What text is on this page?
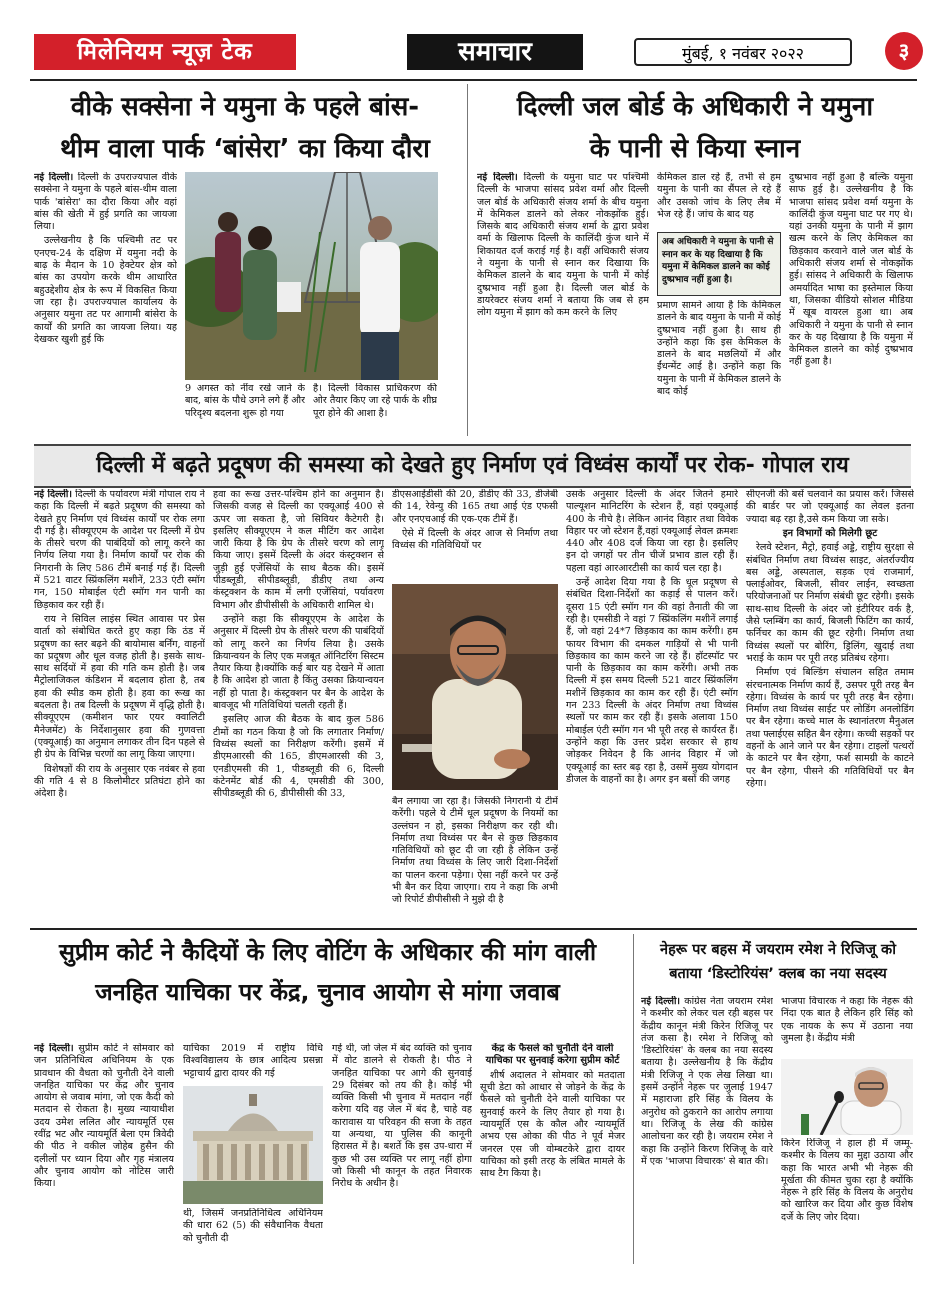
मिलेनियम न्यूज़ टेक	समाचार	मुंबई, १ नवंबर २०२२	३
वीके सक्सेना ने यमुना के पहले बांस-
थीम वाला पार्क ‘बांसेरा’ का किया दौरा

नई दिल्ली। दिल्ली के उपराज्यपाल वीके सक्सेना ने यमुना के पहले बांस-थीम वाला पार्क 'बांसेरा' का दौरा किया और वहां बांस की खेती में हुई प्रगति का जायजा लिया।

उल्लेखनीय है कि पश्चिमी तट पर एनएच-24 के दक्षिण में यमुना नदी के बाढ़ के मैदान के 10 हेक्टेयर क्षेत्र को बांस का उपयोग करके थीम आधारित बहुउद्देशीय क्षेत्र के रूप में विकसित किया जा रहा है। उपराज्यपाल कार्यालय के अनुसार यमुना तट पर आगामी बांसेरा के कार्यों की प्रगति का जायजा लिया। यह देखकर खुशी हुई कि

9 अगस्त को नींव रखे जाने के बाद, बांस के पौधे उगने लगे हैं और परिदृश्य बदलना शुरू हो गया
है। दिल्ली विकास प्राधिकरण की ओर तैयार किए जा रहे पार्क के शीघ्र पूरा होने की आशा है।
दिल्ली जल बोर्ड के अधिकारी ने यमुना
के पानी से किया स्नान

नई दिल्ली। दिल्ली के यमुना घाट पर पश्चिमी दिल्ली के भाजपा सांसद प्रवेश वर्मा और दिल्ली जल बोर्ड के अधिकारी संजय शर्मा के बीच यमुना में केमिकल डालने को लेकर नोकझोंक हुई। जिसके बाद अधिकारी संजय शर्मा के द्वारा प्रवेश वर्मा के खिलाफ दिल्ली के कालिंदी कुंज थाने में शिकायत दर्ज कराई गई है। वहीं अधिकारी संजय ने यमुना के पानी से स्नान कर दिखाया कि केमिकल डालने के बाद यमुना के पानी में कोई दुष्प्रभाव नहीं हुआ है। दिल्ली जल बोर्ड के डायरेक्टर संजय शर्मा ने बताया कि जब से हम लोग यमुना में झाग को कम करने के लिए

केमिकल डाल रहे हैं, तभी से हम यमुना के पानी का सैंपल ले रहे हैं और उसको जांच के लिए लैब में भेज रहे हैं। जांच के बाद यह

अब अधिकारी ने यमुना के पानी से स्नान कर के यह दिखाया है कि यमुना में केमिकल डालने का कोई दुष्प्रभाव नहीं हुआ है।

प्रमाण सामने आया है कि केमिकल डालने के बाद यमुना के पानी में कोई दुष्प्रभाव नहीं हुआ है। साथ ही उन्होंने कहा कि इस केमिकल के डालने के बाद मछलियों में और ईंधन्मेंट आई है। उन्होंने कहा कि यमुना के पानी में केमिकल डालने के बाद कोई

दुष्प्रभाव नहीं हुआ है बल्कि यमुना साफ हुई है। उल्लेखनीय है कि भाजपा सांसद प्रवेश वर्मा यमुना के कालिंदी कुंज यमुना घाट पर गए थे। यहां उनकी यमुना के पानी में झाग खत्म करने के लिए केमिकल का छिड़काव करवाने वाले जल बोर्ड के अधिकारी संजय शर्मा से नोकझोंक हुई। सांसद ने अधिकारी के खिलाफ अमर्यादित भाषा का इस्तेमाल किया था, जिसका वीडियो सोशल मीडिया में खूब वायरल हुआ था। अब अधिकारी ने यमुना के पानी से स्नान कर के यह दिखाया है कि यमुना में केमिकल डालने का कोई दुष्प्रभाव नहीं हुआ है।

दिल्ली में बढ़ते प्रदूषण की समस्या को देखते हुए निर्माण एवं विध्वंस कार्यों पर रोक- गोपाल राय

नई दिल्ली। दिल्ली के पर्यावरण मंत्री गोपाल राय ने कहा कि दिल्ली में बढ़ते प्रदूषण की समस्या को देखते हुए निर्माण एवं विध्वंस कार्यों पर रोक लगा दी गई है। सीक्यूएएम के आदेश पर दिल्ली में ग्रेप के तीसरे चरण की पाबंदियों को लागू करने का निर्णय लिया गया है। निर्माण कार्यों पर रोक की निगरानी के लिए 586 टीमें बनाई गई हैं। दिल्ली में 521 वाटर स्प्रिंकलिंग मशीनें, 233 एंटी स्मॉग गन, 150 मोबाईल एंटी स्मॉग गन पानी का छिड़काव कर रही हैं।

राय ने सिविल लाइंस स्थित आवास पर प्रेस वार्ता को संबोधित करते हुए कहा कि ठंड में प्रदूषण का स्तर बढ़ने की बायोमास बर्निंग, वाहनों का प्रदूषण और धूल वजह होती है। इसके साथ- साथ सर्दियों में हवा की गति कम होती है। जब मैट्रोलाजिकल कंडिशन में बदलाव होता है, तब हवा की स्पीड कम होती है। हवा का रूख का बदलता है। तब दिल्ली के प्रदूषण में वृद्धि होती है। सीक्यूएएम (कमीशन फार एयर क्वालिटी मैनेजमेंट) के निर्देशानुसार हवा की गुणवत्ता (एक्यूआई) का अनुमान लगाकर तीन दिन पहले से ही ग्रेप के विभिन्न चरणों का लागू किया जाएगा।

विशेषज्ञों की राय के अनुसार एक नवंबर से हवा की गति 4 से 8 किलोमीटर प्रतिघंटा होने का अंदेशा है।

हवा का रूख उत्तर-पश्चिम होने का अनुमान है। जिसकी वजह से दिल्ली का एक्यूआई 400 से ऊपर जा सकता है, जो सिवियर कैटेगरी है। इसलिए सीक्यूएएम ने कल मीटिंग कर आदेश जारी किया है कि ग्रेप के तीसरे चरण को लागू किया जाए। इसमें दिल्ली के अंदर कंस्ट्रक्शन से जुड़ी हुई एजेंसियों के साथ बैठक की। इसमें पीडब्लूडी, सीपीडब्लूडी, डीडीए तथा अन्य कंस्ट्रक्शन के काम में लगी एजेंसियां, पर्यावरण विभाग और डीपीसीसी के अधिकारी शामिल थे।

उन्होंने कहा कि सीक्यूएएम के आदेश के अनुसार में दिल्ली ग्रेप के तीसरे चरण की पाबंदियों को लागू करने का निर्णय लिया है। उसके क्रियान्वयन के लिए एक मजबूत ऑनिटरिंग सिस्टम तैयार किया है।क्योंकि कई बार यह देखने में आता है कि आदेश हो जाता है किंतु उसका क्रियान्वयन नहीं हो पाता है। कंस्ट्रक्शन पर बैन के आदेश के बावजूद भी गतिविधियां चलती रहती हैं।

इसलिए आज की बैठक के बाद कुल 586 टीमों का गठन किया है जो कि लगातार निर्माण/विध्वंस स्थलों का निरीक्षण करेंगी। इसमें में डीएमआरसी की 165, डीएमआरसी की 3, एनडीएमसी की 1, पीडब्लूडी की 6, दिल्ली कंटेनमेंट बोर्ड की 4, एमसीडी की 300, सीपीडब्लूडी की 6, डीपीसीसी की 33,

डीएसआईडीसी की 20, डीडीए की 33, डीजेबी की 14, रेवेन्यु की 165 तथा आई एंड एफसी और एनएचआई की एक-एक टीमें हैं।

ऐसे में दिल्ली के अंदर आज से निर्माण तथा विध्वंस की गतिविधियों पर

बैन लगाया जा रहा है। जिसकी निगरानी ये टीमें करेंगी। पहले ये टीमें धूल प्रदूषण के नियमों का उल्लंघन न हो, इसका निरीक्षण कर रही थी। निर्माण तथा विध्वंस पर बैन से कुछ छिड़काव गतिविधियों को छूट दी जा रही है लेकिन उन्हें निर्माण तथा विध्वंस के लिए जारी दिशा-निर्देशों का पालन करना पड़ेगा। ऐसा नहीं करने पर उन्हें भी बैन कर दिया जाएगा। राय ने कहा कि अभी जो रिपोर्ट डीपीसीसी ने मुझे दी है

उसके अनुसार दिल्ली के अंदर जितने हमारे पाल्यूशन मानिटरिंग के स्टेशन हैं, वहां एक्यूआई 400 के नीचे है। लेकिन आनंद विहार तथा विवेक विहार पर जो स्टेशन हैं,वहां एक्यूआई लेवल क्रमशः 440 और 408 दर्ज किया जा रहा है। इसलिए इन दो जगहों पर तीन चीजें प्रभाव डाल रही हैं। पहला वहां आरआरटीसी का कार्य चल रहा है।

उन्हें आदेश दिया गया है कि धूल प्रदूषण से संबंधित दिशा-निर्देशों का कड़ाई से पालन करें। दूसरा 15 एंटी स्मॉग गन की वहां तैनाती की जा रही है। एमसीडी ने वहां 7 स्प्रिंकलिंग मशीनें लगाई हैं, जो वहां 24*7 छिड़काव का काम करेंगी। हम फायर विभाग की दमकल गाड़ियों से भी पानी छिड़काव का काम करने जा रहे हैं। हॉटस्पॉट पर पानी के छिड़काव का काम करेंगी। अभी तक दिल्ली में इस समय दिल्ली 521 वाटर स्प्रिंकलिंग मशीनें छिड़काव का काम कर रही हैं। एंटी स्मॉग गन 233 दिल्ली के अंदर निर्माण तथा विध्वंस स्थलों पर काम कर रही हैं। इसके अलावा 150 मोबाईल एंटी स्मॉग गन भी पूरी तरह से कार्यरत हैं। उन्होंने कहा कि उत्तर प्रदेश सरकार से हाथ जोड़कर निवेदन है कि आनंद विहार में जो एक्यूआई का स्तर बढ़ रहा है, उसमें मुख्य योगदान डीजल के वाहनों का है। अगर इन बसों की जगह

सीएनजी की बसें चलवाने का प्रयास करें। जिससे की बार्डर पर जो एक्यूआई का लेवल इतना ज्यादा बढ़ रहा है,उसे कम किया जा सके।

इन विभागों को मिलेगी छूट

रेलवे स्टेशन, मैट्रो, हवाई अड्डे, राष्ट्रीय सुरक्षा से संबंधित निर्माण तथा विध्वंस साइट, अंतर्राज्यीय बस अड्डे, अस्पताल, सड़क एवं राजमार्ग, फ्लाईओवर, बिजली, सीवर लाईन, स्वच्छता परियोजनाओं पर निर्माण संबंधी छूट रहेगी। इसके साथ-साथ दिल्ली के अंदर जो इंटीरियर वर्क है, जैसे प्लम्बिंग का कार्य, बिजली फिटिंग का कार्य, फर्निचर का काम की छूट रहेगी। निर्माण तथा विध्वंस स्थलों पर बोरिंग, ड्रिलिंग, खुदाई तथा भराई के काम पर पूरी तरह प्रतिबंध रहेगा।

निर्माण एवं बिल्डिंग संचालन सहित तमाम संरचनात्मक निर्माण कार्य हैं, उसपर पूरी तरह बैन रहेगा। विध्वंस के कार्य पर पूरी तरह बैन रहेगा। निर्माण तथा विध्वंस साईट पर लोडिंग अनलोडिंग पर बैन रहेगा। कच्चे माल के स्थानांतरण मैनुअल तथा फ्लाईएस सहित बैन रहेगा। कच्ची सड़कों पर वहनों के आने जाने पर बैन रहेगा। टाइलों पत्थरों के काटने पर बैन रहेगा, फर्श सामग्री के काटने पर बैन रहेगा, पीसने की गतिविधियों पर बैन रहेगा।

सुप्रीम कोर्ट ने कैदियों के लिए वोटिंग के अधिकार की मांग वाली
जनहित याचिका पर केंद्र, चुनाव आयोग से मांगा जवाब

नई दिल्ली। सुप्रीम कोर्ट ने सोमवार को जन प्रतिनिधित्व अधिनियम के एक प्रावधान की वैधता को चुनौती देने वाली जनहित याचिका पर केंद्र और चुनाव आयोग से जवाब मांगा, जो एक कैदी को मतदान से रोकता है। मुख्य न्यायाधीश उदय उमेश ललित और न्यायमूर्ति एस रवींद्र भट और न्यायमूर्ति बेला एम त्रिवेदी की पीठ ने वकील जोहेब हुसैन की दलीलों पर ध्यान दिया और गृह मंत्रालय और चुनाव आयोग को नोटिस जारी किया।

याचिका 2019 में राष्ट्रीय विधि विश्वविद्यालय के छात्र आदित्य प्रसन्ना भट्टाचार्य द्वारा दायर की गई

थी, जिसमें जनप्रतिनिधित्व अधिनियम की धारा 62 (5) की संवैधानिक वैधता को चुनौती दी

गई थी, जो जेल में बंद व्यक्ति को चुनाव में वोट डालने से रोकती है। पीठ ने जनहित याचिका पर आगे की सुनवाई 29 दिसंबर को तय की है। कोई भी व्यक्ति किसी भी चुनाव में मतदान नहीं करेगा यदि वह जेल में बंद है, चाहे वह कारावास या परिवहन की सजा के तहत या अन्यथा, या पुलिस की कानूनी हिरासत में है। बशर्ते कि इस उप-धारा में कुछ भी उस व्यक्ति पर लागू नहीं होगा जो किसी भी कानून के तहत निवारक निरोध के अधीन है।

केंद्र के फैसले को चुनौती देने वाली याचिका पर सुनवाई करेगा सुप्रीम कोर्ट

शीर्ष अदालत ने सोमवार को मतदाता सूची डेटा को आधार से जोड़ने के केंद्र के फैसले को चुनौती देने वाली याचिका पर सुनवाई करने के लिए तैयार हो गया है। न्यायमूर्ति एस के कौल और न्यायमूर्ति अभय एस ओका की पीठ ने पूर्व मेजर जनरल एस जी वोम्बटकेरे द्वारा दायर याचिका को इसी तरह के लंबित मामले के साथ टैग किया है।

नेहरू पर बहस में जयराम रमेश ने रिजिजू को
बताया ‘डिस्टोरियंस’ क्लब का नया सदस्य

नई दिल्ली। कांग्रेस नेता जयराम रमेश ने कश्मीर को लेकर चल रही बहस पर केंद्रीय कानून मंत्री किरेन रिजिजू पर तंज कसा है। रमेश ने रिजिजू को 'डिस्टोरियंस' के क्लब का नया सदस्य बताया है। उल्लेखनीय है कि केंद्रीय मंत्री रिजिजू ने एक लेख लिखा था। इसमें उन्होंने नेहरू पर जुलाई 1947 में महाराजा हरि सिंह के विलय के अनुरोध को ठुकराने का आरोप लगाया था। रिजिजू के लेख की कांग्रेस आलोचना कर रही है। जयराम रमेश ने कहा कि उन्होंने किरण रिजिजू के वारे में एक 'भाजपा विचारक' से बात की।

भाजपा विचारक ने कहा कि नेहरू की निंदा एक बात है लेकिन हरि सिंह को एक नायक के रूप में उठाना नया जुमला है। केंद्रीय मंत्री

किरेन रिजिजू ने हाल ही में जम्मू-कश्मीर के विलय का मुद्दा उठाया और कहा कि भारत अभी भी नेहरू की मूर्खता की कीमत चुका रहा है क्योंकि नेहरू ने हरि सिंह के विलय के अनुरोध को खारिज कर दिया और कुछ विशेष दर्जे के लिए जोर दिया।
